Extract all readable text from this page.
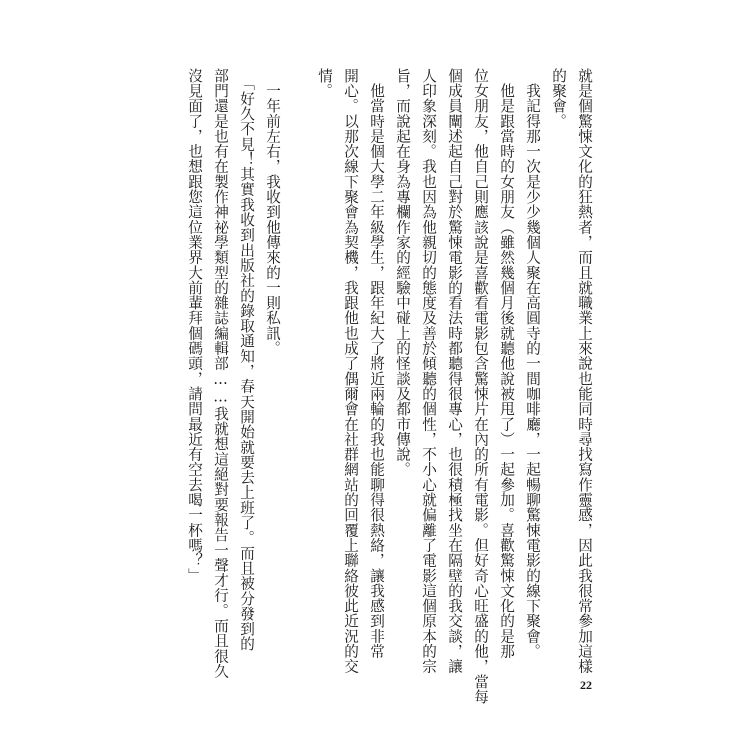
就是個驚悚文化的狂熱者，而且就職業上來說也能同時尋找寫作靈感，因此我很常參加這樣
的聚會。
　我記得那一次是少少幾個人聚在高圓寺的一間咖啡廳，一起暢聊驚悚電影的線下聚會。
　他是跟當時的女朋友（雖然幾個月後就聽他說被甩了）一起參加。喜歡驚悚文化的是那
位女朋友，他自己則應該說是喜歡看電影包含驚悚片在內的所有電影。但好奇心旺盛的他，當每
個成員闡述起自己對於驚悚電影的看法時都聽得很專心，也很積極找坐在隔壁的我交談，讓
人印象深刻。我也因為他親切的態度及善於傾聽的個性，不小心就偏離了電影這個原本的宗
旨，而說起在身為專欄作家的經驗中碰上的怪談及都市傳說。
　他當時是個大學二年級學生，跟年紀大了將近兩輪的我也能聊得很熱絡，讓我感到非常
開心。以那次線下聚會為契機，我跟他也成了偶爾會在社群網站的回覆上聯絡彼此近況的交
情。
　一年前左右，我收到他傳來的一則私訊。
　「好久不見！其實我收到出版社的錄取通知，春天開始就要去上班了。而且被分發到的
部門還是也有在製作神祕學類型的雜誌編輯部……我就想這絕對要報告一聲才行。而且很久
沒見面了，也想跟您這位業界大前輩拜個碼頭，請問最近有空去喝一杯嗎？」
22
